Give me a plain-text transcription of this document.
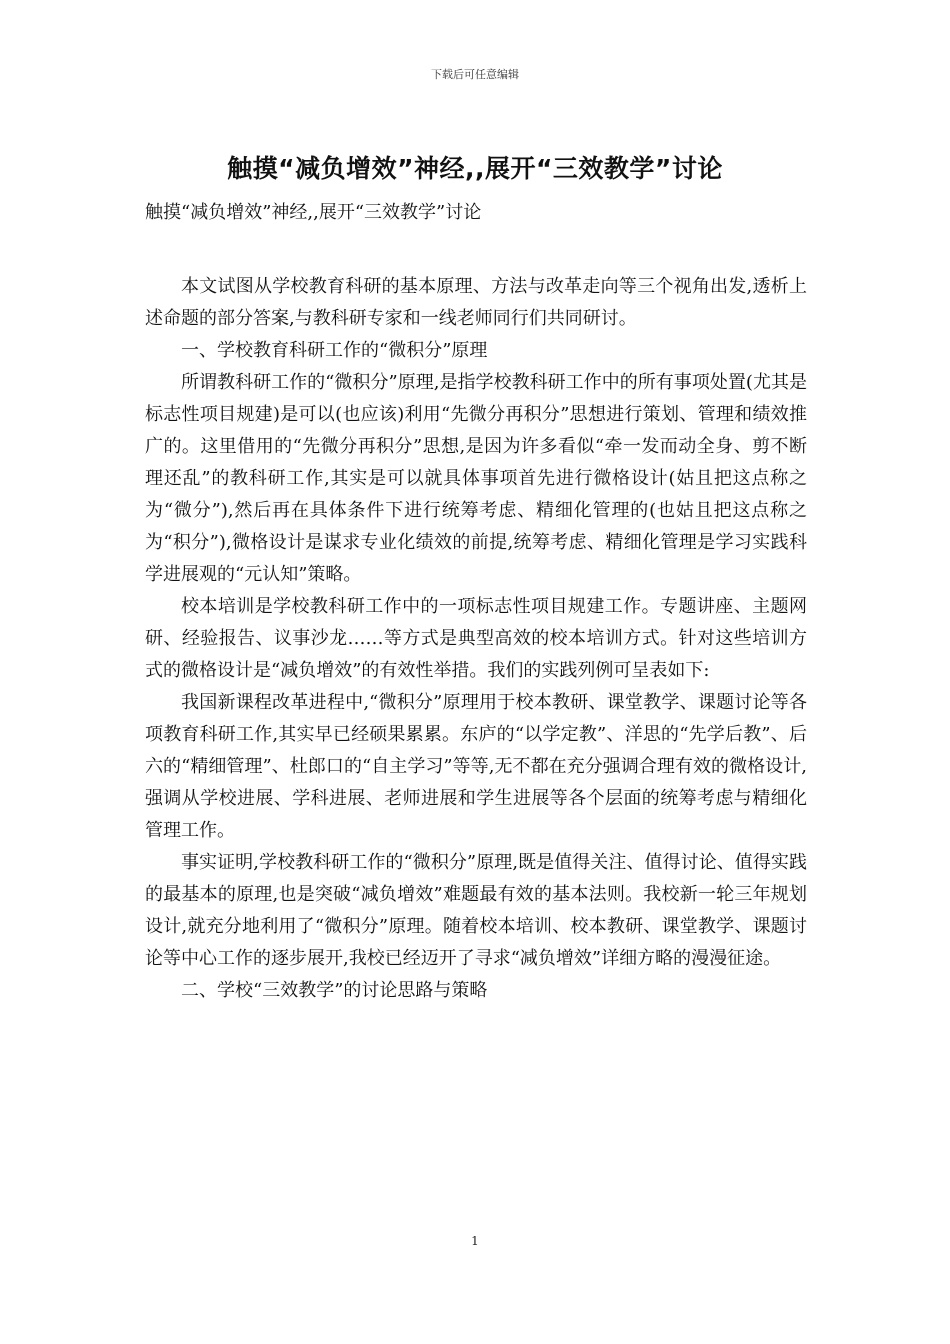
下载后可任意编辑
触摸“减负增效”神经,,展开“三效教学”讨论
触摸“减负增效”神经,,展开“三效教学”讨论

本文试图从学校教育科研的基本原理、方法与改革走向等三个视角出发,透析上述命题的部分答案,与教科研专家和一线老师同行们共同研讨。

一、学校教育科研工作的“微积分”原理

所谓教科研工作的“微积分”原理,是指学校教科研工作中的所有事项处置(尤其是标志性项目规建)是可以(也应该)利用“先微分再积分”思想进行策划、管理和绩效推广的。这里借用的“先微分再积分”思想,是因为许多看似“牵一发而动全身、剪不断理还乱”的教科研工作,其实是可以就具体事项首先进行微格设计(姑且把这点称之为“微分”),然后再在具体条件下进行统筹考虑、精细化管理的(也姑且把这点称之为“积分”),微格设计是谋求专业化绩效的前提,统筹考虑、精细化管理是学习实践科学进展观的“元认知”策略。

校本培训是学校教科研工作中的一项标志性项目规建工作。专题讲座、主题网研、经验报告、议事沙龙……等方式是典型高效的校本培训方式。针对这些培训方式的微格设计是“减负增效”的有效性举措。我们的实践列例可呈表如下:

我国新课程改革进程中,“微积分”原理用于校本教研、课堂教学、课题讨论等各项教育科研工作,其实早已经硕果累累。东庐的“以学定教”、洋思的“先学后教”、后六的“精细管理”、杜郎口的“自主学习”等等,无不都在充分强调合理有效的微格设计,强调从学校进展、学科进展、老师进展和学生进展等各个层面的统筹考虑与精细化管理工作。

事实证明,学校教科研工作的“微积分”原理,既是值得关注、值得讨论、值得实践的最基本的原理,也是突破“减负增效”难题最有效的基本法则。我校新一轮三年规划设计,就充分地利用了“微积分”原理。随着校本培训、校本教研、课堂教学、课题讨论等中心工作的逐步展开,我校已经迈开了寻求“减负增效”详细方略的漫漫征途。

二、学校“三效教学”的讨论思路与策略

1
